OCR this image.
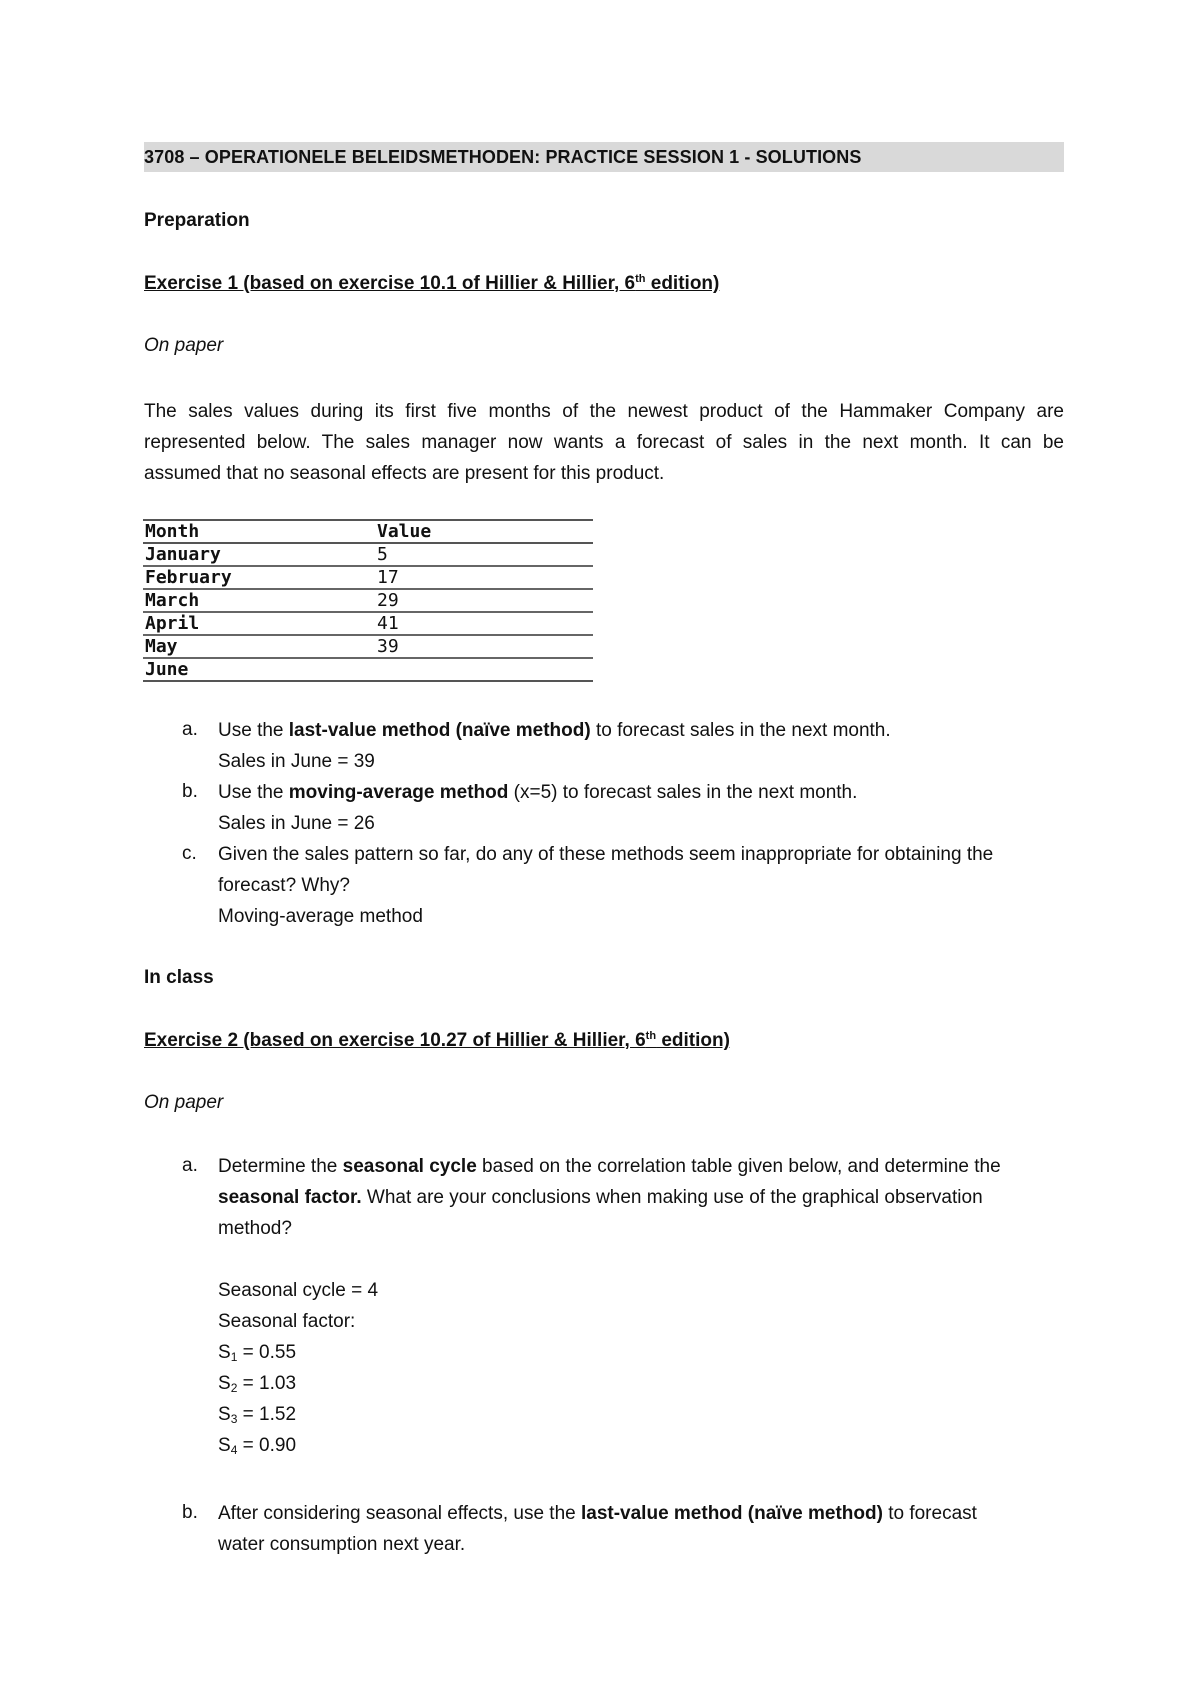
3708 – OPERATIONELE BELEIDSMETHODEN: PRACTICE SESSION 1 - SOLUTIONS
Preparation
Exercise 1 (based on exercise 10.1 of Hillier & Hillier, 6th edition)
On paper
The sales values during its first five months of the newest product of the Hammaker Company are
represented below. The sales manager now wants a forecast of sales in the next month. It can be
assumed that no seasonal effects are present for this product.
Month	Value
January	5
February	17
March	29
April	41
May	39
June	
a. Use the last-value method (naïve method) to forecast sales in the next month.
Sales in June = 39
b. Use the moving-average method (x=5) to forecast sales in the next month.
Sales in June = 26
c. Given the sales pattern so far, do any of these methods seem inappropriate for obtaining the
forecast? Why?
Moving-average method
In class
Exercise 2 (based on exercise 10.27 of Hillier & Hillier, 6th edition)
On paper
a. Determine the seasonal cycle based on the correlation table given below, and determine the
seasonal factor. What are your conclusions when making use of the graphical observation
method?
Seasonal cycle = 4
Seasonal factor:
$S_1 = 0.55$
$S_2 = 1.03$
$S_3 = 1.52$
$S_4 = 0.90$
b. After considering seasonal effects, use the last-value method (naïve method) to forecast
water consumption next year.
